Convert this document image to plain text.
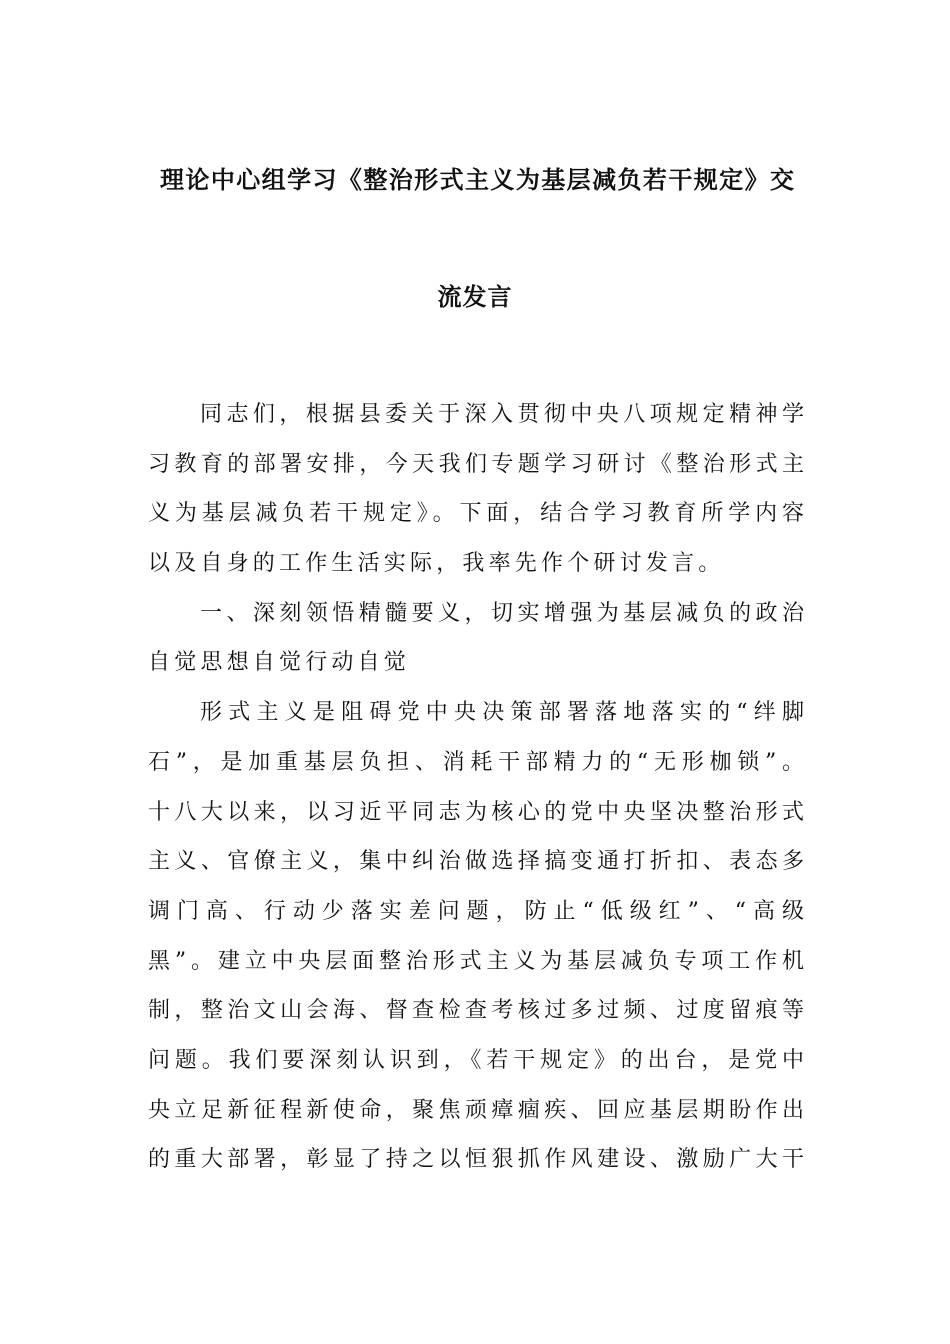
理论中心组学习《整治形式主义为基层减负若干规定》交
流发言
同志们，根据县委关于深入贯彻中央八项规定精神学
习教育的部署安排，今天我们专题学习研讨《整治形式主
义为基层减负若干规定》。下面，结合学习教育所学内容
以及自身的工作生活实际，我率先作个研讨发言。
一、深刻领悟精髓要义，切实增强为基层减负的政治
自觉思想自觉行动自觉
形式主义是阻碍党中央决策部署落地落实的“绊脚
石”，是加重基层负担、消耗干部精力的“无形枷锁”。
十八大以来，以习近平同志为核心的党中央坚决整治形式
主义、官僚主义，集中纠治做选择搞变通打折扣、表态多
调门高、行动少落实差问题，防止“低级红”、“高级
黑”。建立中央层面整治形式主义为基层减负专项工作机
制，整治文山会海、督查检查考核过多过频、过度留痕等
问题。我们要深刻认识到，《若干规定》的出台，是党中
央立足新征程新使命，聚焦顽瘴痼疾、回应基层期盼作出
的重大部署，彰显了持之以恒狠抓作风建设、激励广大干
